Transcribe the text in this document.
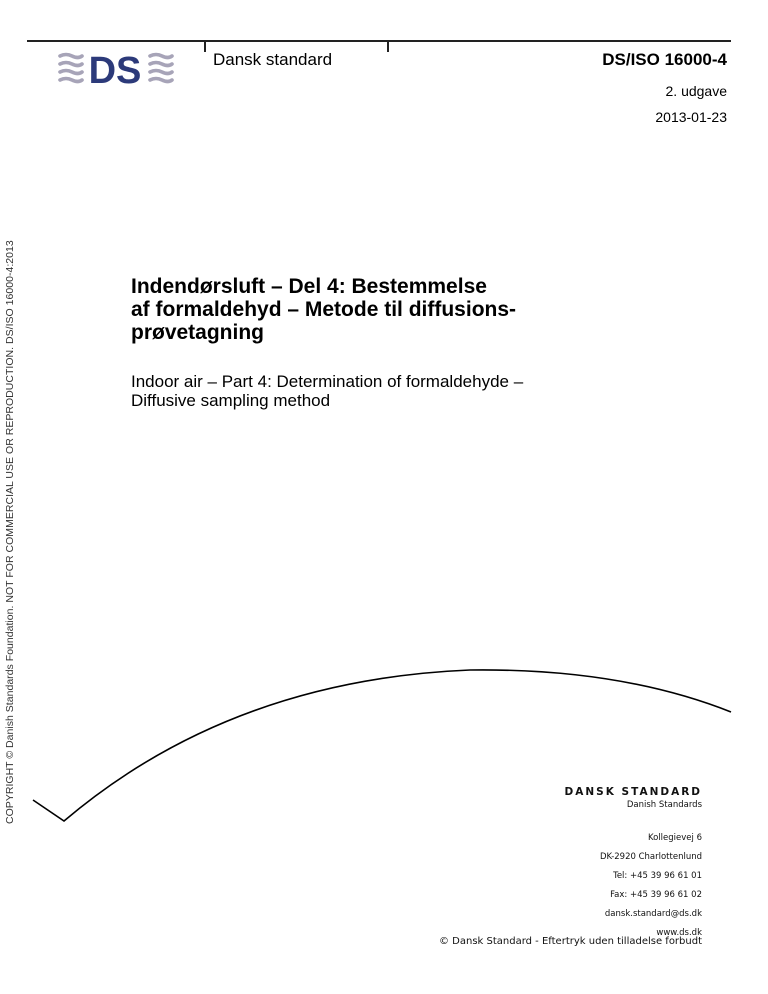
DS	Dansk standard	DS/ISO 16000-4
2. udgave
2013-01-23
COPYRIGHT © Danish Standards Foundation. NOT FOR COMMERCIAL USE OR REPRODUCTION. DS/ISO 16000-4:2013	Indendørsluft – Del 4: Bestemmelse
af formaldehyd – Metode til diffusions-
prøvetagning
Indoor air – Part 4: Determination of formaldehyde –
Diffusive sampling method
DANSK STANDARD
Danish Standards
Kollegievej 6
DK-2920 Charlottenlund
Tel: +45 39 96 61 01
Fax: +45 39 96 61 02
dansk.standard@ds.dk
www.ds.dk
© Dansk Standard - Eftertryk uden tilladelse forbudt
